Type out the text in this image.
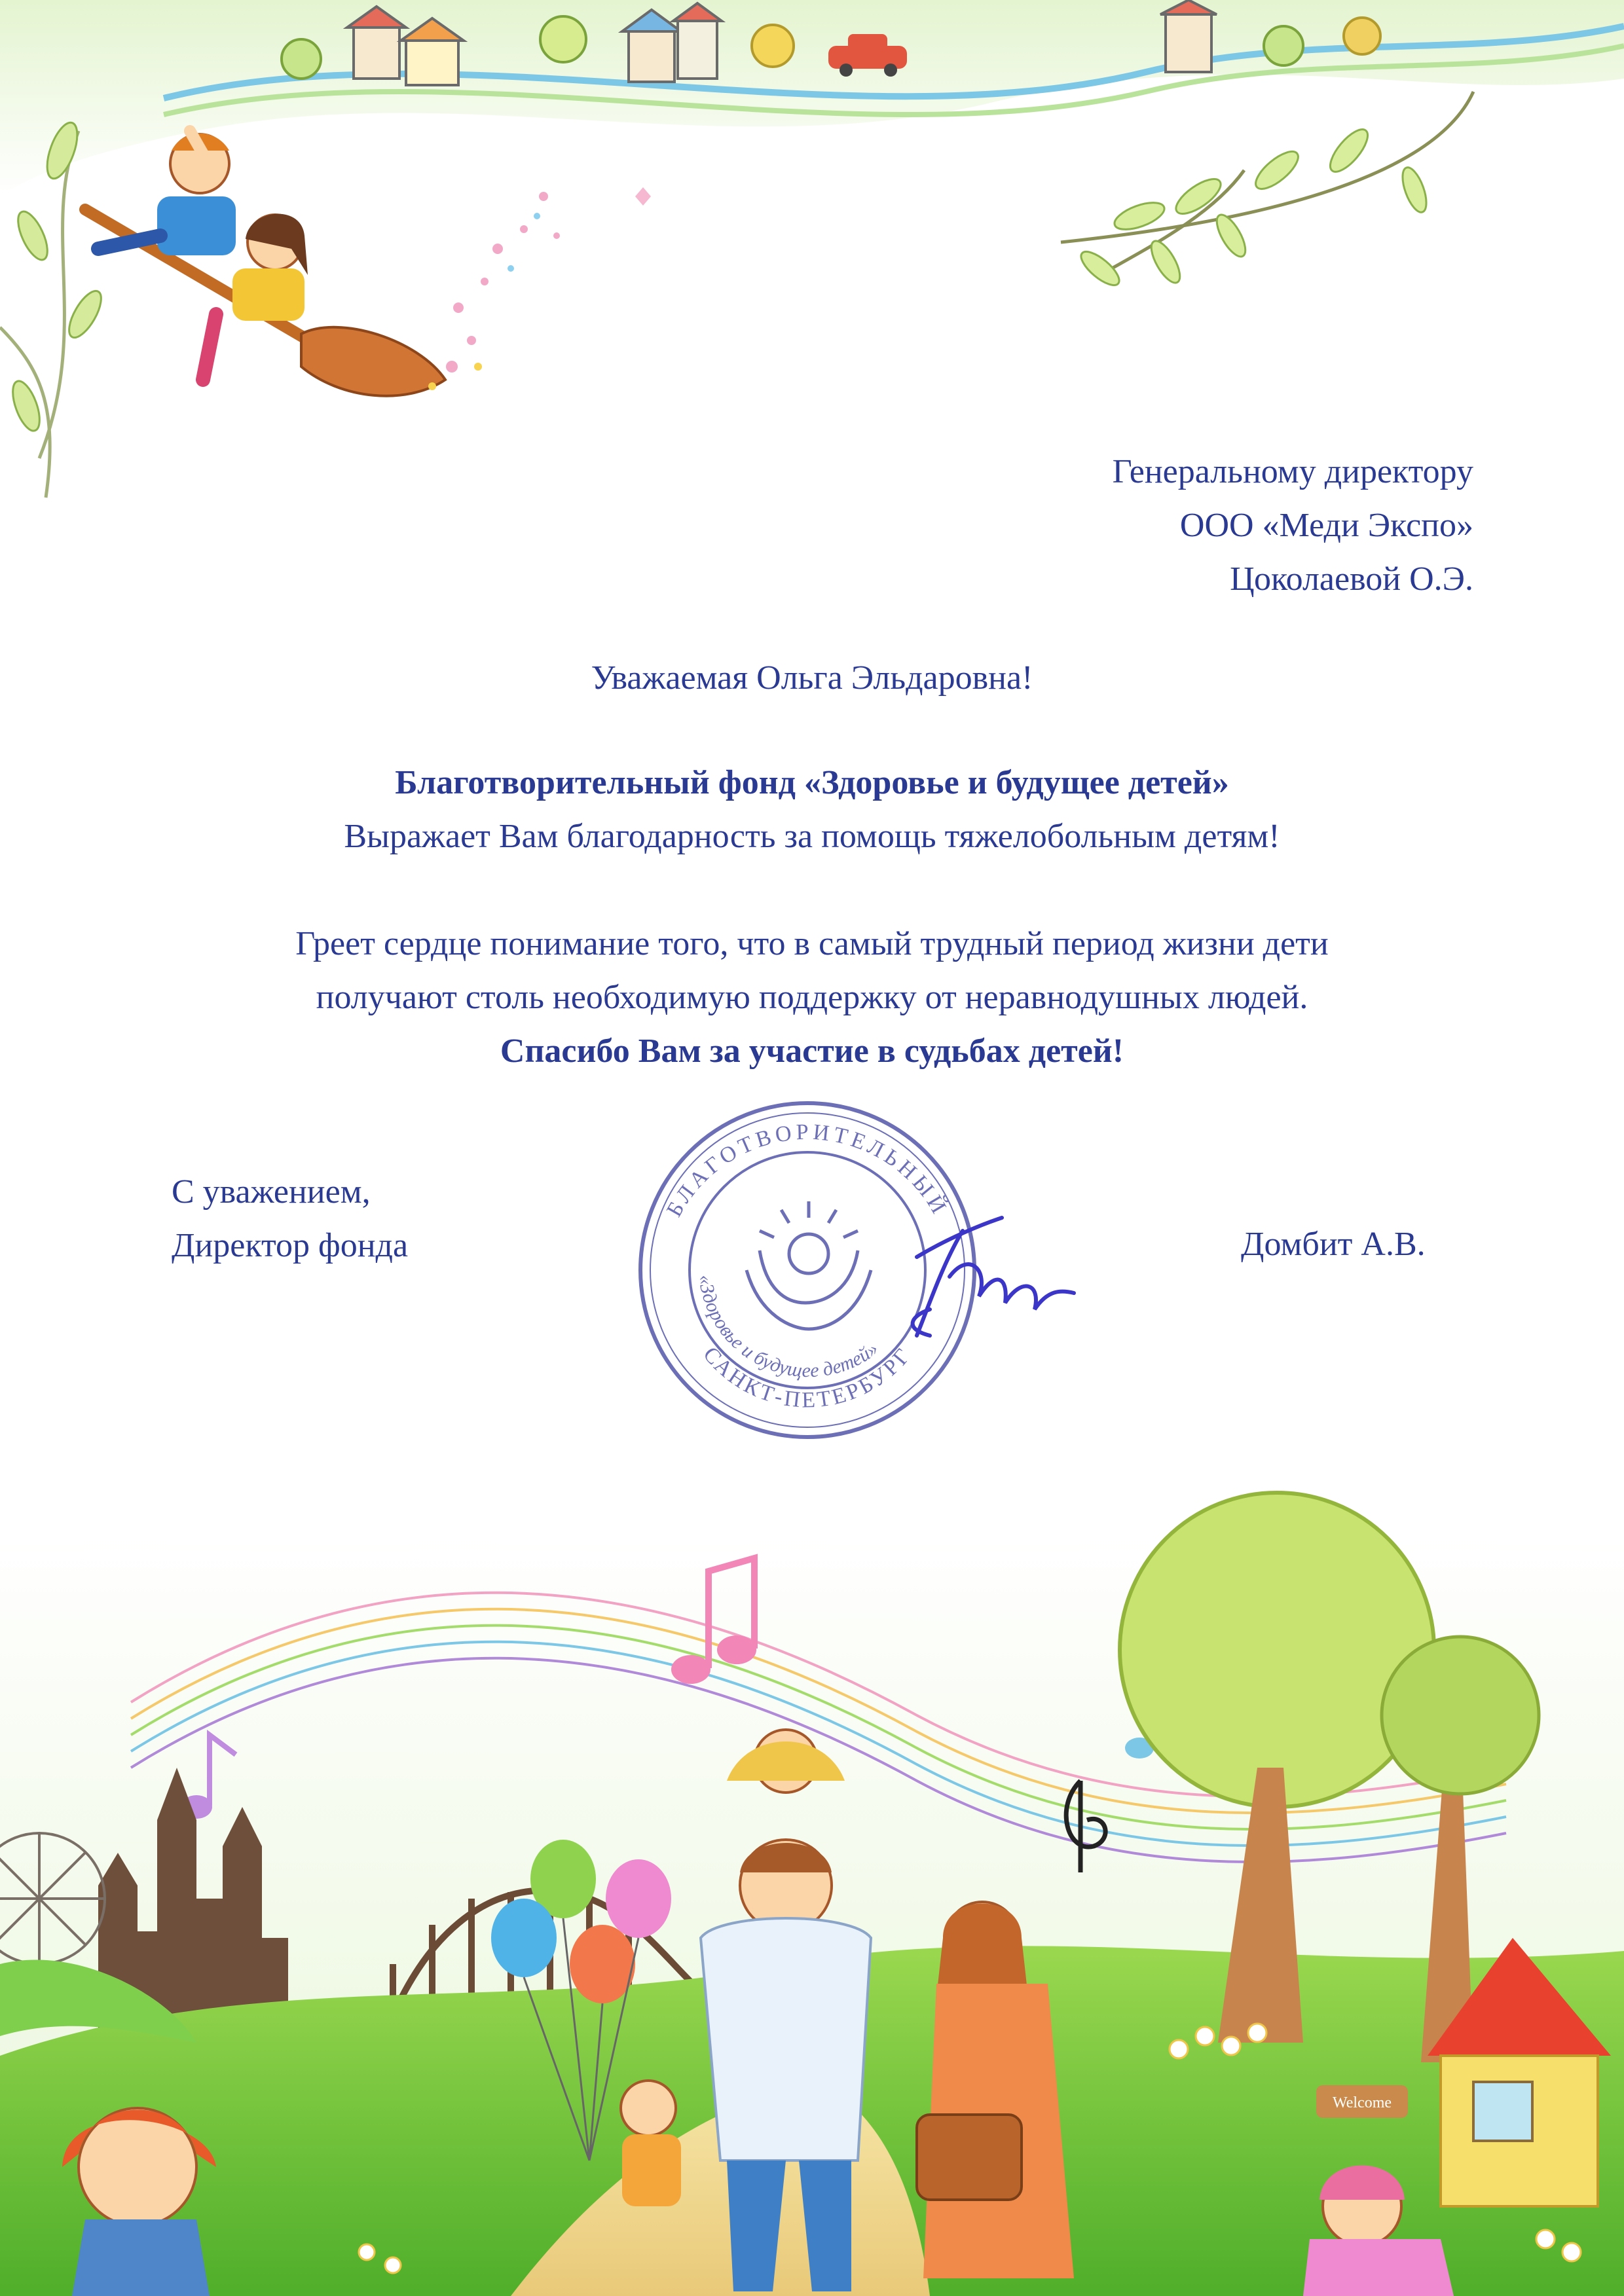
БЛАГОТВОРИТЕЛЬНЫЙ
САНКТ-ПЕТЕРБУРГ
«Здоровье и будущее детей»
Welcome
Генеральному директору
ООО «Меди Экспо»
Цоколаевой О.Э.
Уважаемая Ольга Эльдаровна!
Благотворительный фонд «Здоровье и будущее детей»
Выражает Вам благодарность за помощь тяжелобольным детям!
Греет сердце понимание того, что в самый трудный период жизни дети
получают столь необходимую поддержку от неравнодушных людей.
Спасибо Вам за участие в судьбах детей!
С уважением,
Директор фонда	Домбит А.В.
